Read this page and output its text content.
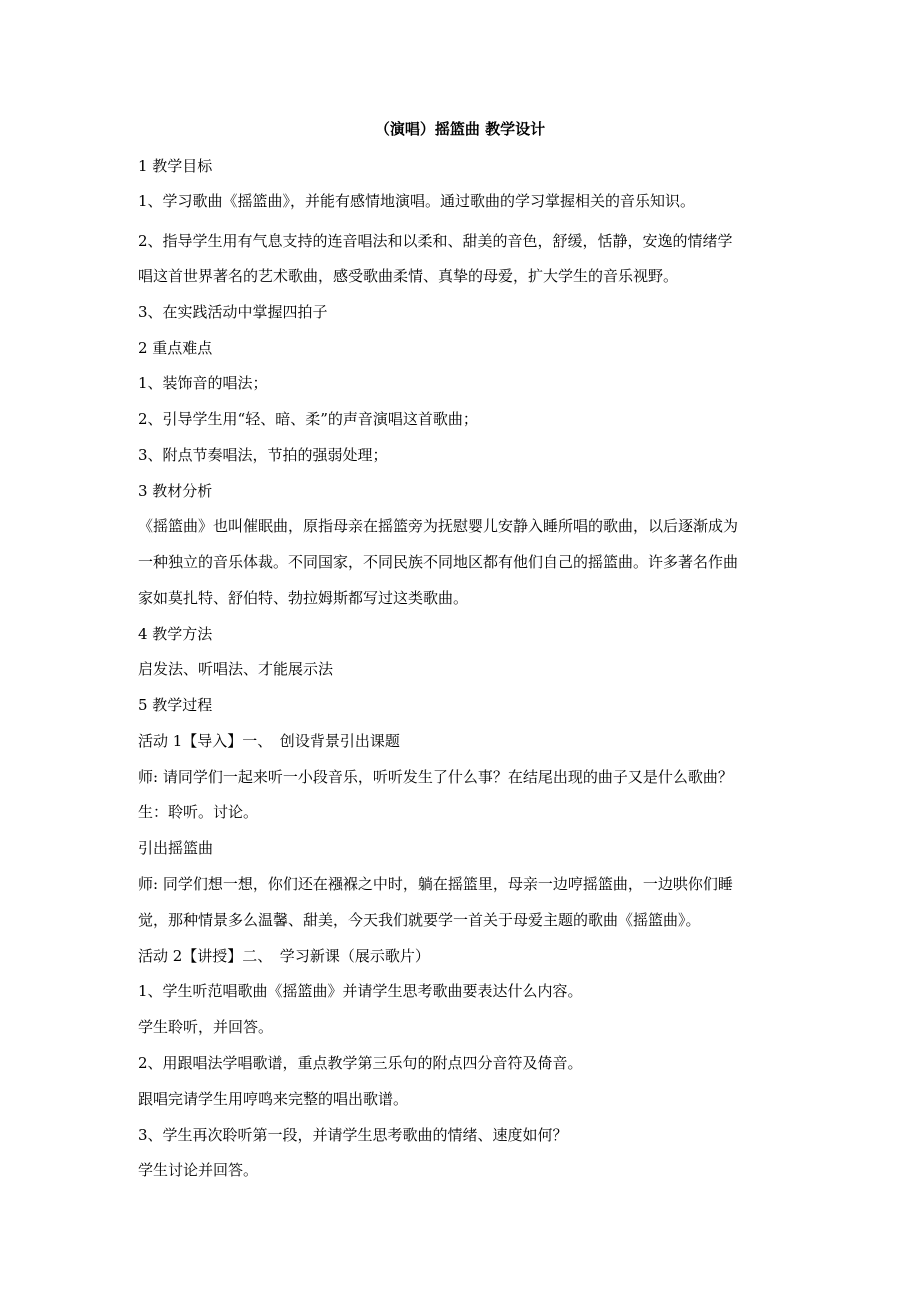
（演唱）摇篮曲 教学设计
1 教学目标
1、学习歌曲《摇篮曲》，并能有感情地演唱。通过歌曲的学习掌握相关的音乐知识。
2、指导学生用有气息支持的连音唱法和以柔和、甜美的音色，舒缓，恬静，安逸的情绪学
唱这首世界著名的艺术歌曲，感受歌曲柔情、真挚的母爱，扩大学生的音乐视野。
3、在实践活动中掌握四拍子
2 重点难点
1、装饰音的唱法；
2、引导学生用“轻、暗、柔”的声音演唱这首歌曲；
3、附点节奏唱法，节拍的强弱处理；
3 教材分析
《摇篮曲》也叫催眠曲，原指母亲在摇篮旁为抚慰婴儿安静入睡所唱的歌曲，以后逐渐成为
一种独立的音乐体裁。不同国家，不同民族不同地区都有他们自己的摇篮曲。许多著名作曲
家如莫扎特、舒伯特、勃拉姆斯都写过这类歌曲。
4 教学方法
启发法、听唱法、才能展示法
5 教学过程
活动 1【导入】一、　创设背景引出课题
师: 请同学们一起来听一小段音乐，听听发生了什么事？在结尾出现的曲子又是什么歌曲？
生：聆听。讨论。
引出摇篮曲
师: 同学们想一想，你们还在襁褓之中时，躺在摇篮里，母亲一边哼摇篮曲，一边哄你们睡
觉，那种情景多么温馨、甜美，今天我们就要学一首关于母爱主题的歌曲《摇篮曲》。
活动 2【讲授】二、　学习新课（展示歌片）
1、学生听范唱歌曲《摇篮曲》并请学生思考歌曲要表达什么内容。
学生聆听，并回答。
2、用跟唱法学唱歌谱，重点教学第三乐句的附点四分音符及倚音。
跟唱完请学生用哼鸣来完整的唱出歌谱。
3、学生再次聆听第一段，并请学生思考歌曲的情绪、速度如何？
学生讨论并回答。
